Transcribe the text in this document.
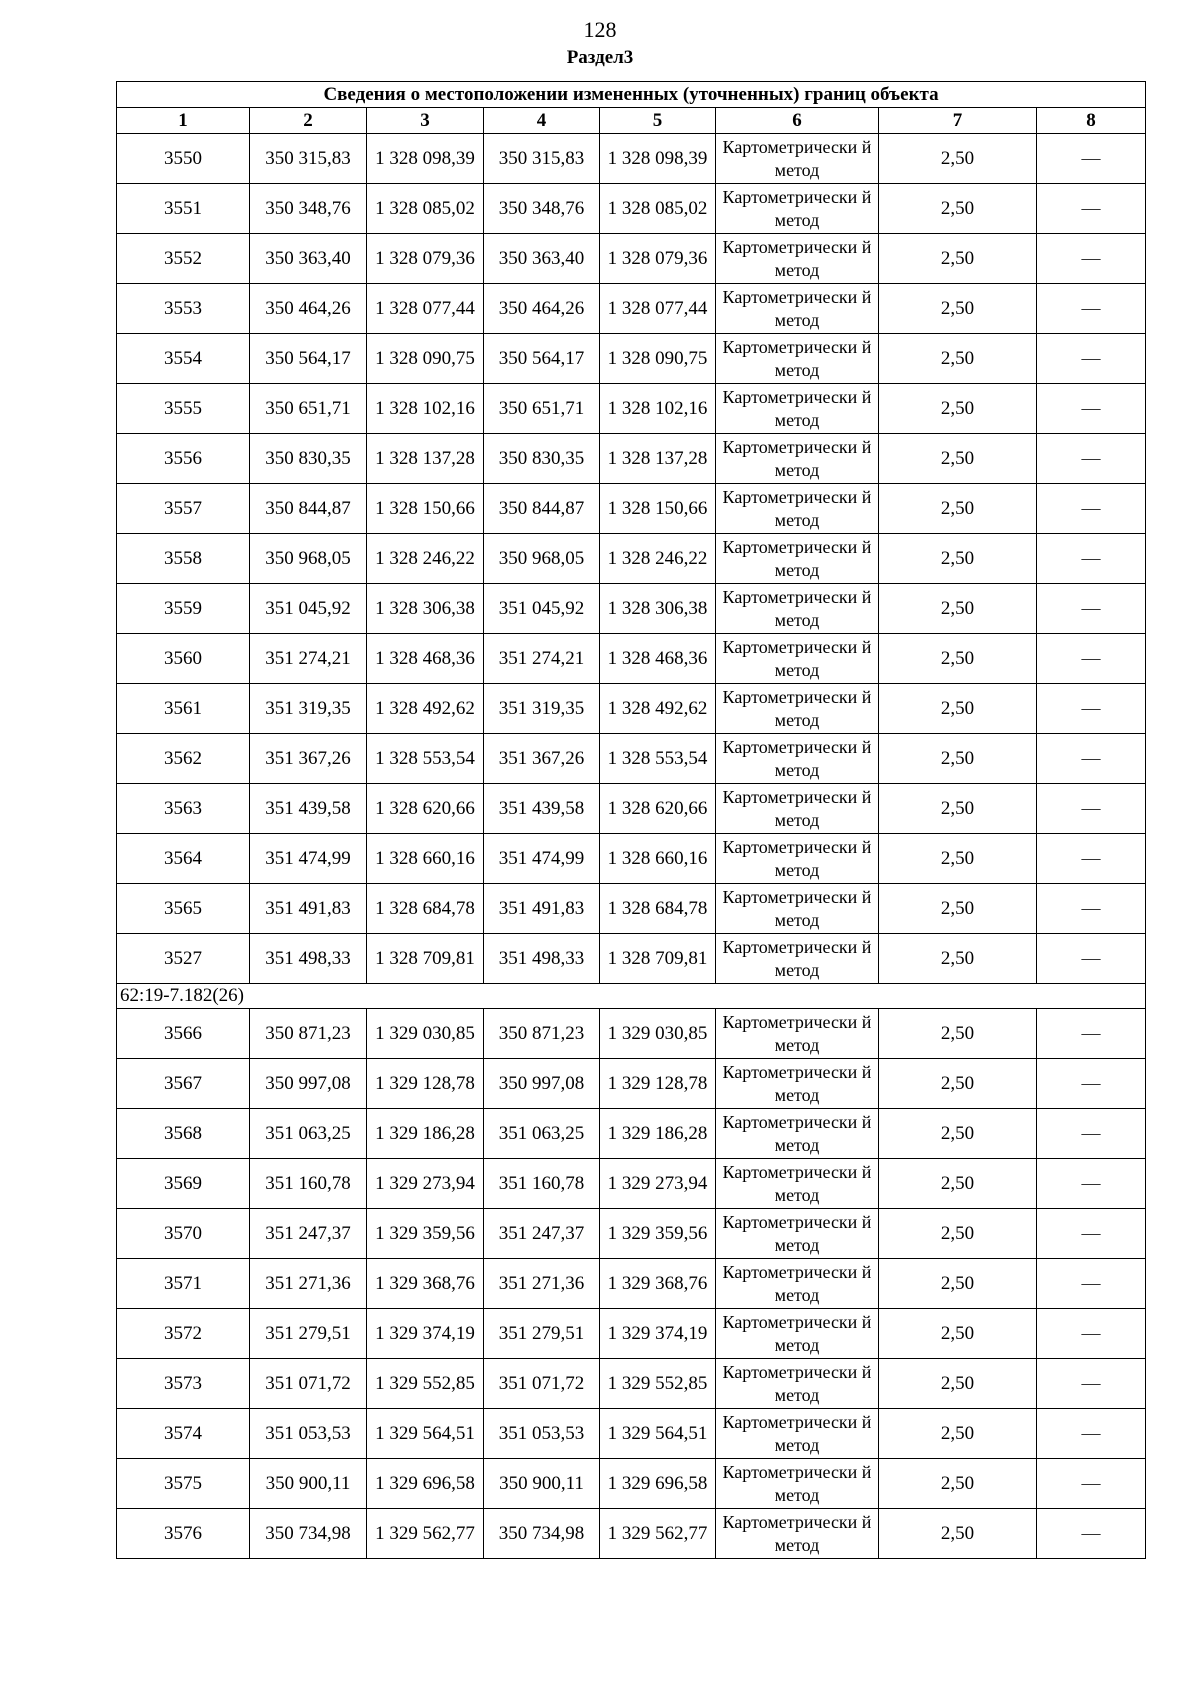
128
Раздел3
Сведения о местоположении измененных (уточненных) границ объекта							
1	2	3	4	5	6	7	8
3550	350 315,83	1 328 098,39	350 315,83	1 328 098,39	Картометрически й метод	2,50	—
3551	350 348,76	1 328 085,02	350 348,76	1 328 085,02	Картометрически й метод	2,50	—
3552	350 363,40	1 328 079,36	350 363,40	1 328 079,36	Картометрически й метод	2,50	—
3553	350 464,26	1 328 077,44	350 464,26	1 328 077,44	Картометрически й метод	2,50	—
3554	350 564,17	1 328 090,75	350 564,17	1 328 090,75	Картометрически й метод	2,50	—
3555	350 651,71	1 328 102,16	350 651,71	1 328 102,16	Картометрически й метод	2,50	—
3556	350 830,35	1 328 137,28	350 830,35	1 328 137,28	Картометрически й метод	2,50	—
3557	350 844,87	1 328 150,66	350 844,87	1 328 150,66	Картометрически й метод	2,50	—
3558	350 968,05	1 328 246,22	350 968,05	1 328 246,22	Картометрически й метод	2,50	—
3559	351 045,92	1 328 306,38	351 045,92	1 328 306,38	Картометрически й метод	2,50	—
3560	351 274,21	1 328 468,36	351 274,21	1 328 468,36	Картометрически й метод	2,50	—
3561	351 319,35	1 328 492,62	351 319,35	1 328 492,62	Картометрически й метод	2,50	—
3562	351 367,26	1 328 553,54	351 367,26	1 328 553,54	Картометрически й метод	2,50	—
3563	351 439,58	1 328 620,66	351 439,58	1 328 620,66	Картометрически й метод	2,50	—
3564	351 474,99	1 328 660,16	351 474,99	1 328 660,16	Картометрически й метод	2,50	—
3565	351 491,83	1 328 684,78	351 491,83	1 328 684,78	Картометрически й метод	2,50	—
3527	351 498,33	1 328 709,81	351 498,33	1 328 709,81	Картометрически й метод	2,50	—
62:19-7.182(26)							
3566	350 871,23	1 329 030,85	350 871,23	1 329 030,85	Картометрически й метод	2,50	—
3567	350 997,08	1 329 128,78	350 997,08	1 329 128,78	Картометрически й метод	2,50	—
3568	351 063,25	1 329 186,28	351 063,25	1 329 186,28	Картометрически й метод	2,50	—
3569	351 160,78	1 329 273,94	351 160,78	1 329 273,94	Картометрически й метод	2,50	—
3570	351 247,37	1 329 359,56	351 247,37	1 329 359,56	Картометрически й метод	2,50	—
3571	351 271,36	1 329 368,76	351 271,36	1 329 368,76	Картометрически й метод	2,50	—
3572	351 279,51	1 329 374,19	351 279,51	1 329 374,19	Картометрически й метод	2,50	—
3573	351 071,72	1 329 552,85	351 071,72	1 329 552,85	Картометрически й метод	2,50	—
3574	351 053,53	1 329 564,51	351 053,53	1 329 564,51	Картометрически й метод	2,50	—
3575	350 900,11	1 329 696,58	350 900,11	1 329 696,58	Картометрически й метод	2,50	—
3576	350 734,98	1 329 562,77	350 734,98	1 329 562,77	Картометрически й метод	2,50	—
